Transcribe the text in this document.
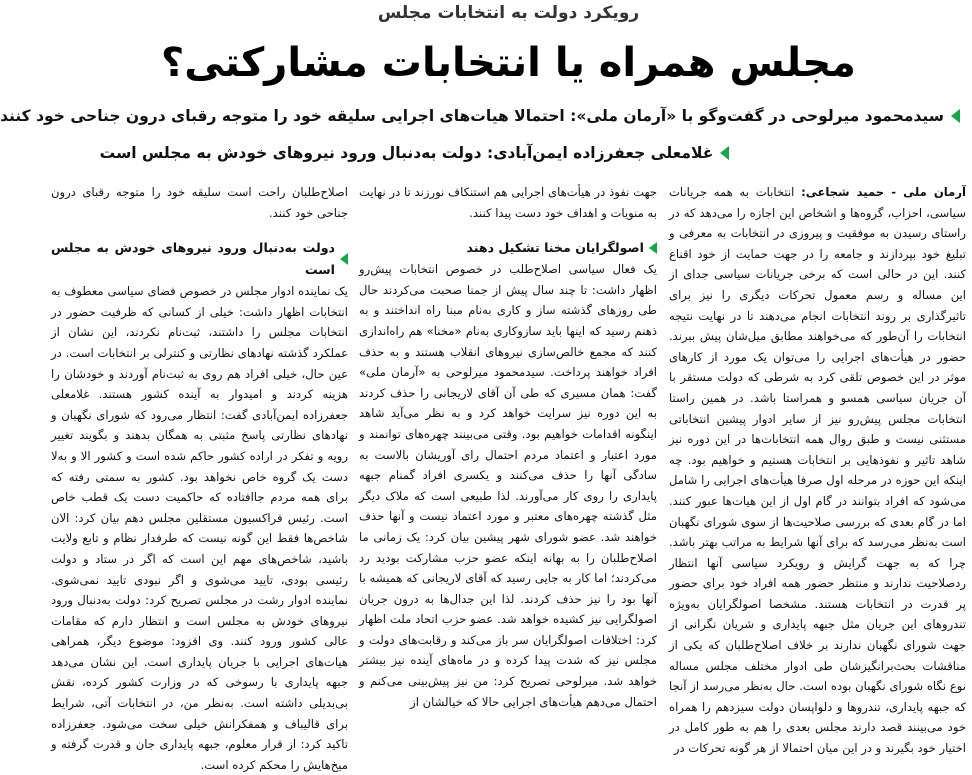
رویکرد دولت به انتخابات مجلس
مجلس همراه یا انتخابات مشارکتی؟
سیدمحمود میرلوحی در گفت‌وگو با «آرمان ملی»: احتمالا هیات‌های اجرایی سلیقه خود را متوجه رقبای درون جناحی خود کنند
غلامعلی جعفرزاده ایمن‌آبادی: دولت به‌دنبال ورود نیروهای خودش به مجلس است

آرمان ملی - حمید شجاعی: انتخابات به همه جریانات سیاسی، احزاب، گروه‌ها و اشخاص این اجازه را می‌دهد که در راستای رسیدن به موفقیت و پیروزی در انتخابات به معرفی و تبلیغ خود بپردازند و جامعه را در جهت حمایت از خود اقناع کنند. این در حالی است که برخی جریانات سیاسی جدای از این مساله و رسم معمول تحرکات دیگری را نیز برای تاثیرگذاری بر روند انتخابات انجام می‌دهند تا در نهایت نتیجه انتخابات را آن‌طور که می‌خواهند مطابق میل‌شان پیش ببرند. حضور در هیأت‌های اجرایی را می‌توان یک مورد از کارهای موثر در این خصوص تلقی کرد به شرطی که دولت مستقر با آن جریان سیاسی همسو و همراستا باشد. در همین راستا انتخابات مجلس پیش‌رو نیز از سایر ادوار پیشین انتخاباتی مستثنی نیست و طبق روال همه انتخابات‌ها در این دوره نیز شاهد تاثیر و نفوذهایی بر انتخابات هستیم و خواهیم بود. چه اینکه این حوزه در مرحله اول صرفا هیأت‌های اجرایی را شامل می‌شود که افراد بتوانند در گام اول از این هیات‌ها عبور کنند. اما در گام بعدی که بررسی صلاحیت‌ها از سوی شورای نگهبان است به‌نظر می‌رسد که برای آنها شرایط به مراتب بهتر باشد. چرا که به جهت گرایش و رویکرد سیاسی آنها انتظار ردصلاحیت ندارند و منتظر حضور همه افراد خود برای حضور پر قدرت در انتخابات هستند. مشخصا اصولگرایان به‌ویژه تندروهای این جریان مثل جبهه پایداری و شریان نگرانی از جهت شورای نگهبان ندارند بر خلاف اصلاح‌طلبان که یکی از مناقشات بحث‌برانگیزشان طی ادوار مختلف مجلس مساله نوع نگاه شورای نگهبان بوده است. حال به‌نظر می‌رسد از آنجا که جبهه پایداری، تندروها و دلواپسان دولت سیزدهم را همراه خود می‌بینند قصد دارند مجلس بعدی را هم به طور کامل در اختیار خود بگیرند و در این میان احتمالا از هر گونه تحرکات در

جهت نفوذ در هیأت‌های اجرایی هم استنکاف نورزند تا در نهایت به منویات و اهداف خود دست پیدا کنند.

اصولگرایان مخنا تشکیل دهند

یک فعال سیاسی اصلاح‌طلب در خصوص انتخابات پیش‌رو اظهار داشت: تا چند سال پیش از جمنا صحبت می‌کردند حال طی روزهای گذشته ساز و کاری به‌نام مبنا راه انداختند و به ذهنم رسید که اینها باید سازوکاری به‌نام «مخنا» هم راه‌اندازی کنند که مجمع خالص‌سازی نیروهای انقلاب هستند و به حذف افراد خواهند پرداخت. سیدمحمود میرلوحی به «آرمان ملی» گفت: همان مسیری که طی آن آقای لاریجانی را حذف کردند به این دوره نیز سرایت خواهد کرد و به نظر می‌آید شاهد اینگونه اقدامات خواهیم بود. وقتی می‌بینند چهره‌های توانمند و مورد اعتبار و اعتماد مردم احتمال رای آوریشان بالاست به سادگی آنها را حذف می‌کنند و یکسری افراد گمنام جبهه پایداری را روی کار می‌آورند. لذا طبیعی است که ملاک دیگر مثل گذشته چهره‌های معتبر و مورد اعتماد نیست و آنها حذف خواهند شد. عضو شورای شهر پیشین بیان کرد: یک زمانی ما اصلاح‌طلبان را به بهانه اینکه عضو حزب مشارکت بودید رد می‌کردند؛ اما کار به جایی رسید که آقای لاریجانی که همیشه با آنها بود را نیز حذف کردند. لذا این جدال‌ها به درون جریان اصولگرایی نیز کشیده خواهد شد. عضو حزب اتحاد ملت اظهار کرد: اختلافات اصولگرایان سر باز می‌کند و رقابت‌های دولت و مجلس نیز که شدت پیدا کرده و در ماه‌های آینده نیز بیشتر خواهد شد. میرلوحی تصریح کرد: من نیز پیش‌بینی می‌کنم و احتمال می‌دهم هیأت‌های اجرایی حالا که خیالشان از

اصلاح‌طلبان راحت است سلیقه خود را متوجه رقبای درون جناحی خود کنند.

دولت به‌دنبال ورود نیروهای خودش به مجلس است

یک نماینده ادوار مجلس در خصوص فضای سیاسی معطوف به انتخابات اظهار داشت: خیلی از کسانی که ظرفیت حضور در انتخابات مجلس را داشتند، ثبت‌نام نکردند، این نشان از عملکرد گذشته نهادهای نظارتی و کنترلی بر انتخابات است. در عین حال، خیلی افراد هم روی به ثبت‌نام آوردند و خودشان را هزینه کردند و امیدوار به آینده کشور هستند. غلامعلی جعفرزاده ایمن‌آبادی گفت: انتظار می‌رود که شورای نگهبان و نهادهای نظارتی پاسخ مثبتی به همگان بدهند و بگویند تغییر رویه و تفکر در اراده کشور حاکم شده است و کشور الا و به‌لا دست یک گروه خاص نخواهد بود. کشور به سمتی رفته که برای همه مردم جاافتاده که حاکمیت دست یک قطب خاص است. رئیس فراکسیون مستقلین مجلس دهم بیان کرد: الان شاخص‌ها فقط این گونه نیست که طرفدار نظام و تابع ولایت باشید، شاخص‌های مهم این است که اگر در ستاد و دولت رئیسی بودی، تایید می‌شوی و اگر نبودی تایید نمی‌شوی. نماینده ادوار رشت در مجلس تصریح کرد: دولت به‌دنبال ورود نیروهای خودش به مجلس است و انتظار دارم که مقامات عالی کشور ورود کنند. وی افزود: موضوع دیگر، همراهی هیات‌های اجرایی با جریان پایداری است. این نشان می‌دهد جبهه پایداری با رسوخی که در وزارت کشور کرده، نقش بی‌بدیلی داشته است. به‌نظر من، در انتخابات آتی، شرایط برای قالیباف و همفکرانش خیلی سخت می‌شود. جعفرزاده تاکید کرد: از قرار معلوم، جبهه پایداری جان و قدرت گرفته و میخ‌هایش را محکم کرده است.
